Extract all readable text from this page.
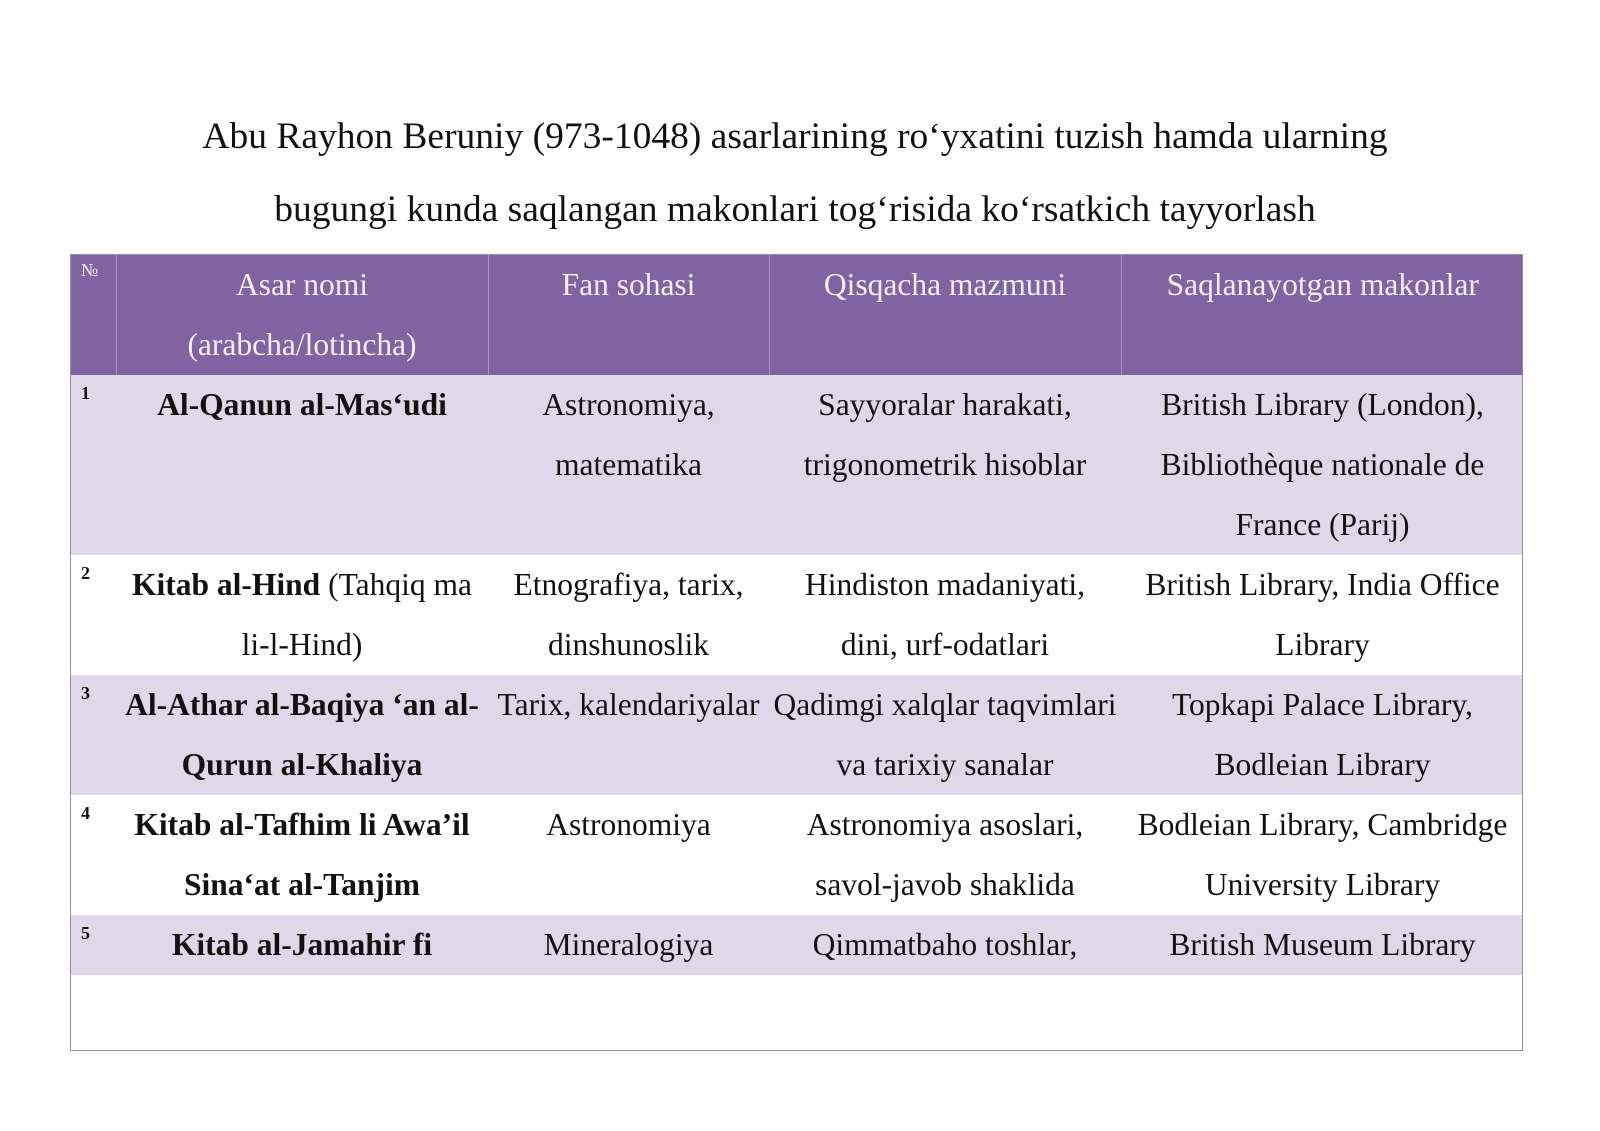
Abu Rayhon Beruniy (973-1048) asarlarining ro‘yxatini tuzish hamda ularning
bugungi kunda saqlangan makonlari tog‘risida ko‘rsatkich tayyorlash
№	Asar nomi (arabcha/lotincha)	Fan sohasi	Qisqacha mazmuni	Saqlanayotgan makonlar
1	Al-Qanun al-Mas‘udi	Astronomiya, matematika	Sayyoralar harakati, trigonometrik hisoblar	British Library (London), Bibliothèque nationale de France (Parij)
2	Kitab al-Hind (Tahqiq ma li-l-Hind)	Etnografiya, tarix, dinshunoslik	Hindiston madaniyati, dini, urf-odatlari	British Library, India Office Library
3	Al-Athar al-Baqiya ‘an al-Qurun al-Khaliya	Tarix, kalendariyalar	Qadimgi xalqlar taqvimlari va tarixiy sanalar	Topkapi Palace Library, Bodleian Library
4	Kitab al-Tafhim li Awa’il Sina‘at al-Tanjim	Astronomiya	Astronomiya asoslari, savol-javob shaklida	Bodleian Library, Cambridge University Library
5	Kitab al-Jamahir fi	Mineralogiya	Qimmatbaho toshlar,	British Museum Library
